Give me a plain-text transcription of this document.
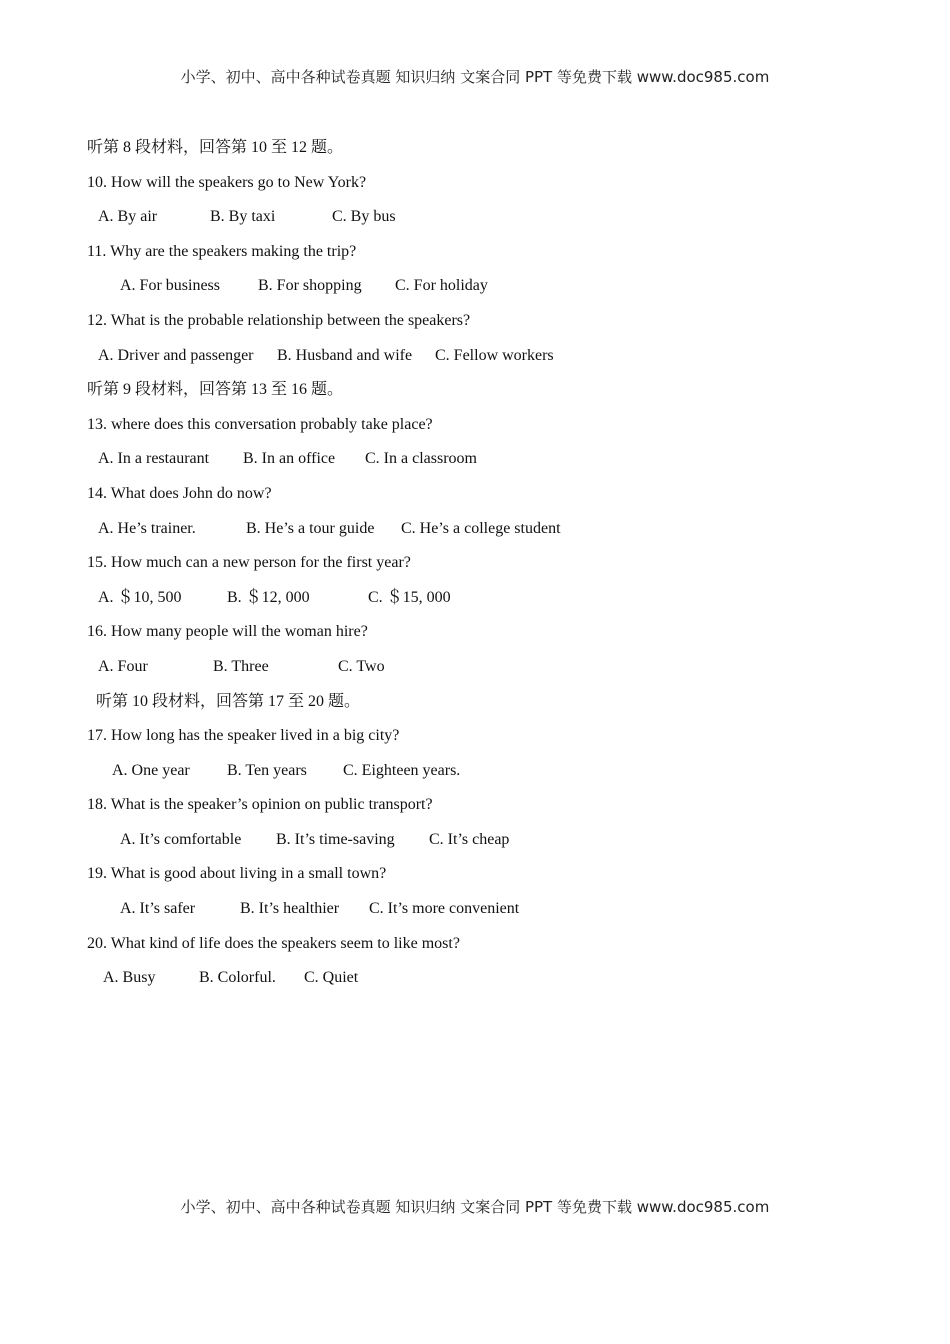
小学、初中、高中各种试卷真题 知识归纳 文案合同 PPT 等免费下载 www.doc985.com
听第 8 段材料，回答第 10 至 12 题。
10. How will the speakers go to New York?
A. By air	B. By taxi	C. By bus
11. Why are the speakers making the trip?
A. For business B. For shopping C. For holiday
12. What is the probable relationship between the speakers?
A. Driver and passenger B. Husband and wife C. Fellow workers
听第 9 段材料，回答第 13 至 16 题。
13. where does this conversation probably take place?
A. In a restaurant B. In an office C. In a classroom
14. What does John do now?
A. He’s trainer.	B. He’s a tour guide C. He’s a college student
15. How much can a new person for the first year?
A. ＄10, 500	B. ＄12, 000	C. ＄15, 000
16. How many people will the woman hire?
A. Four	B. Three	C. Two
听第 10 段材料，回答第 17 至 20 题。
17. How long has the speaker lived in a big city?
A. One year B. Ten years C. Eighteen years.
18. What is the speaker’s opinion on public transport?
A. It’s comfortable B. It’s time-saving C. It’s cheap
19. What is good about living in a small town?
A. It’s safer	B. It’s healthier C. It’s more convenient
20. What kind of life does the speakers seem to like most?
A. Busy	B. Colorful. C. Quiet
小学、初中、高中各种试卷真题 知识归纳 文案合同 PPT 等免费下载 www.doc985.com
